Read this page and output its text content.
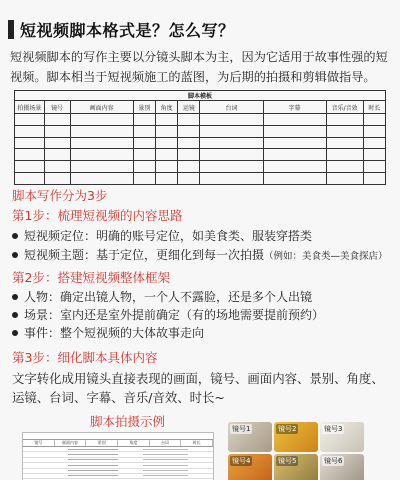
短视频脚本格式是？怎么写？
短视频脚本的写作主要以分镜头脚本为主，因为它适用于故事性强的短视频。脚本相当于短视频施工的蓝图，为后期的拍摄和剪辑做指导。
脚本模板									
拍摄场景	镜号	画面内容	景别	角度	运镜	台词	字幕	音乐/音效	时长

脚本写作分为3步
第1步：梳理短视频的内容思路
短视频定位：明确的账号定位，如美食类、服装穿搭类
短视频主题：基于定位，更细化到每一次拍摄（例如：美食类—美食探店）
第2步：搭建短视频整体框架
人物：确定出镜人物，一个人不露脸，还是多个人出镜
场景：室内还是室外提前确定（有的场地需要提前预约）
事件：整个短视频的大体故事走向
第3步：细化脚本具体内容
文字转化成用镜头直接表现的画面，镜号、画面内容、景别、角度、运镜、台词、字幕、音乐/音效、时长~
脚本拍摄示例
镜号	画面内容	景别	角度	台词	时长
镜号1	镜号2	镜号3
镜号4	镜号5	镜号6
